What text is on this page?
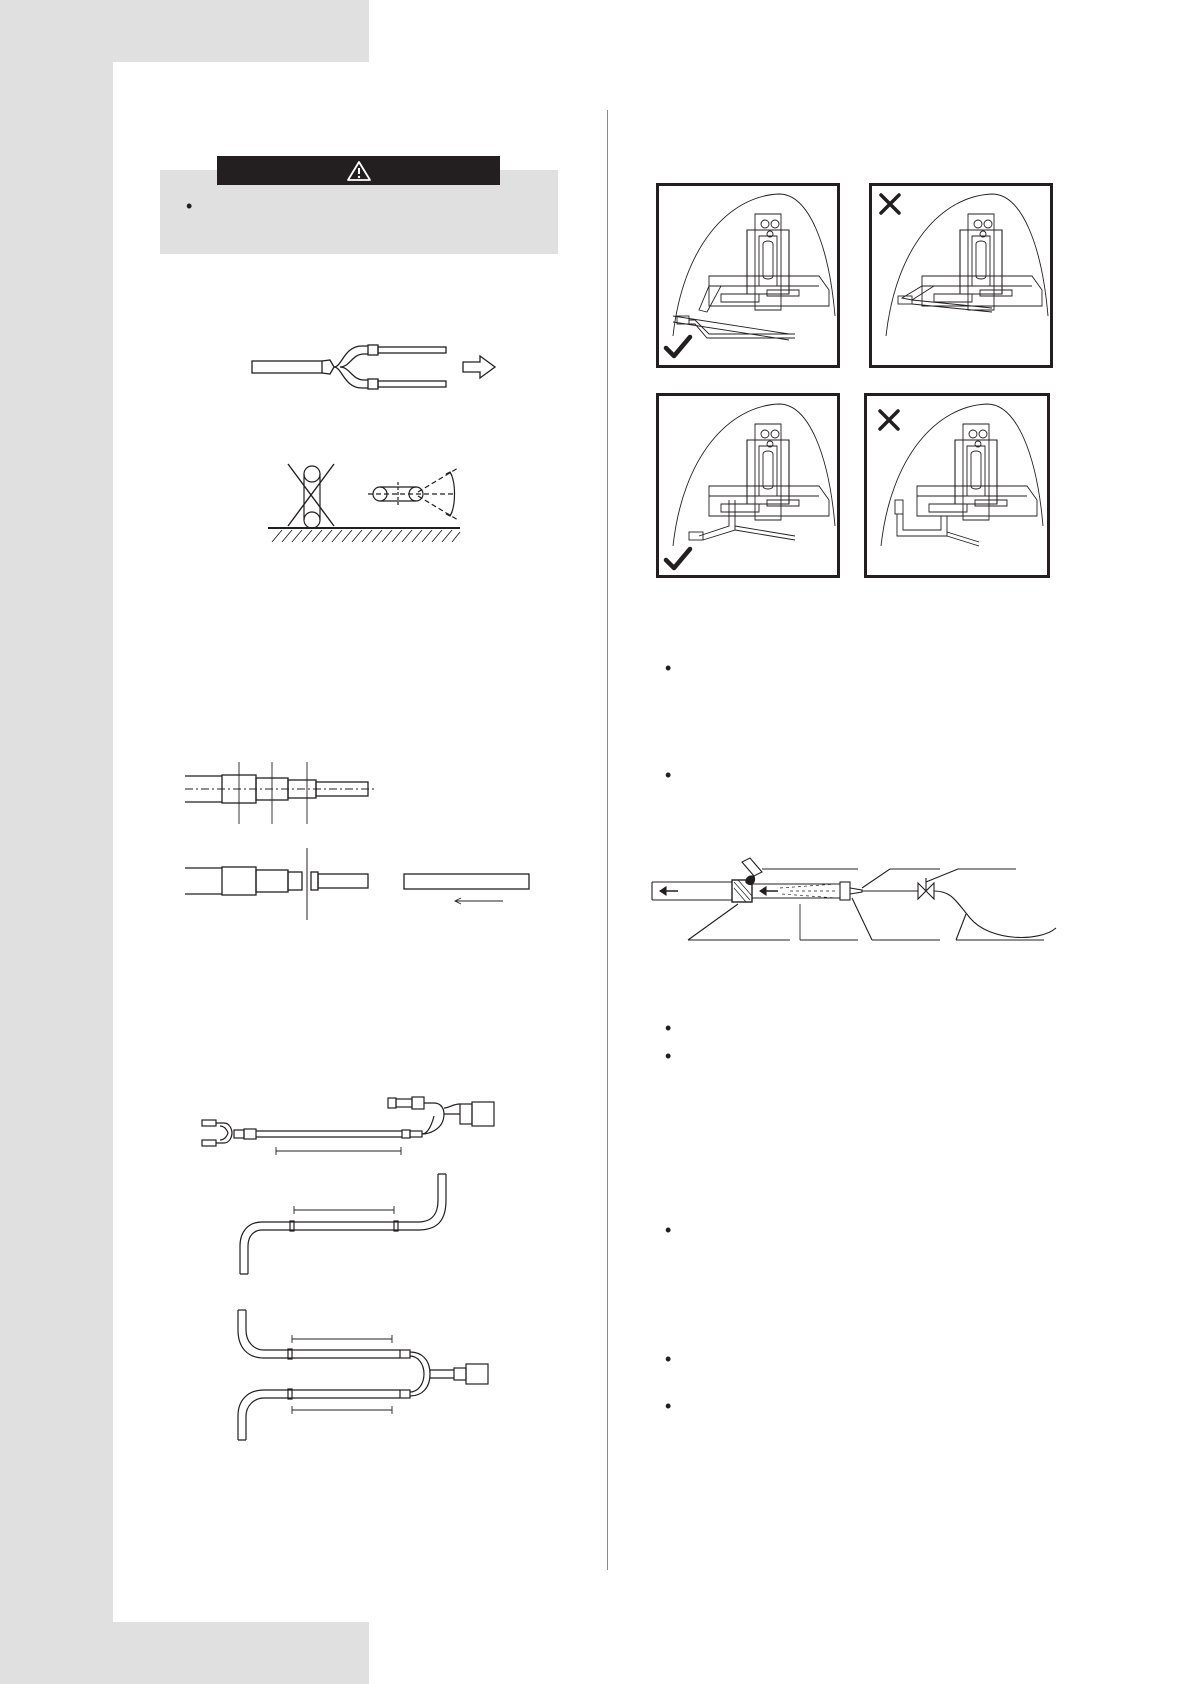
•
•
•
•
•
•
•
•
